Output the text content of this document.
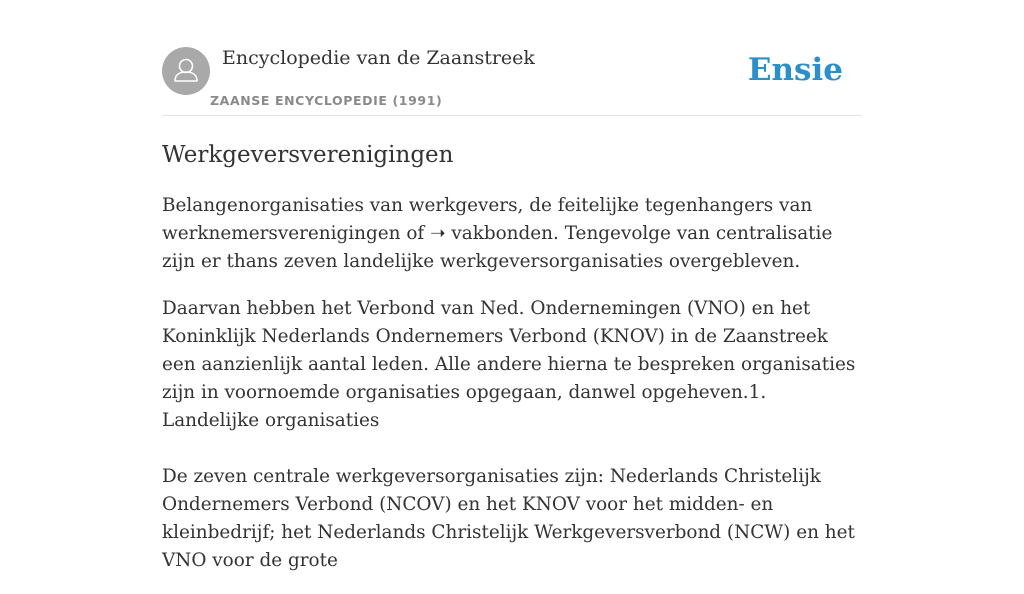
Encyclopedie van de Zaanstreek
ZAANSE ENCYCLOPEDIE (1991)
Ensie
Werkgeversverenigingen

Belangenorganisaties van werkgevers, de feitelijke tegenhangers van werknemersverenigingen of ➝ vakbonden. Tengevolge van centralisatie zijn er thans zeven landelijke werkgeversorganisaties overgebleven.

Daarvan hebben het Verbond van Ned. Ondernemingen (VNO) en het Koninklijk Nederlands Ondernemers Verbond (KNOV) in de Zaanstreek een aanzienlijk aantal leden. Alle andere hierna te bespreken organisaties zijn in voornoemde organisaties opgegaan, danwel opgeheven.1. Landelijke organisaties

De zeven centrale werkgeversorganisaties zijn: Nederlands Christelijk Ondernemers Verbond (NCOV) en het KNOV voor het midden- en kleinbedrijf; het Nederlands Christelijk Werkgeversverbond (NCW) en het VNO voor de grote
